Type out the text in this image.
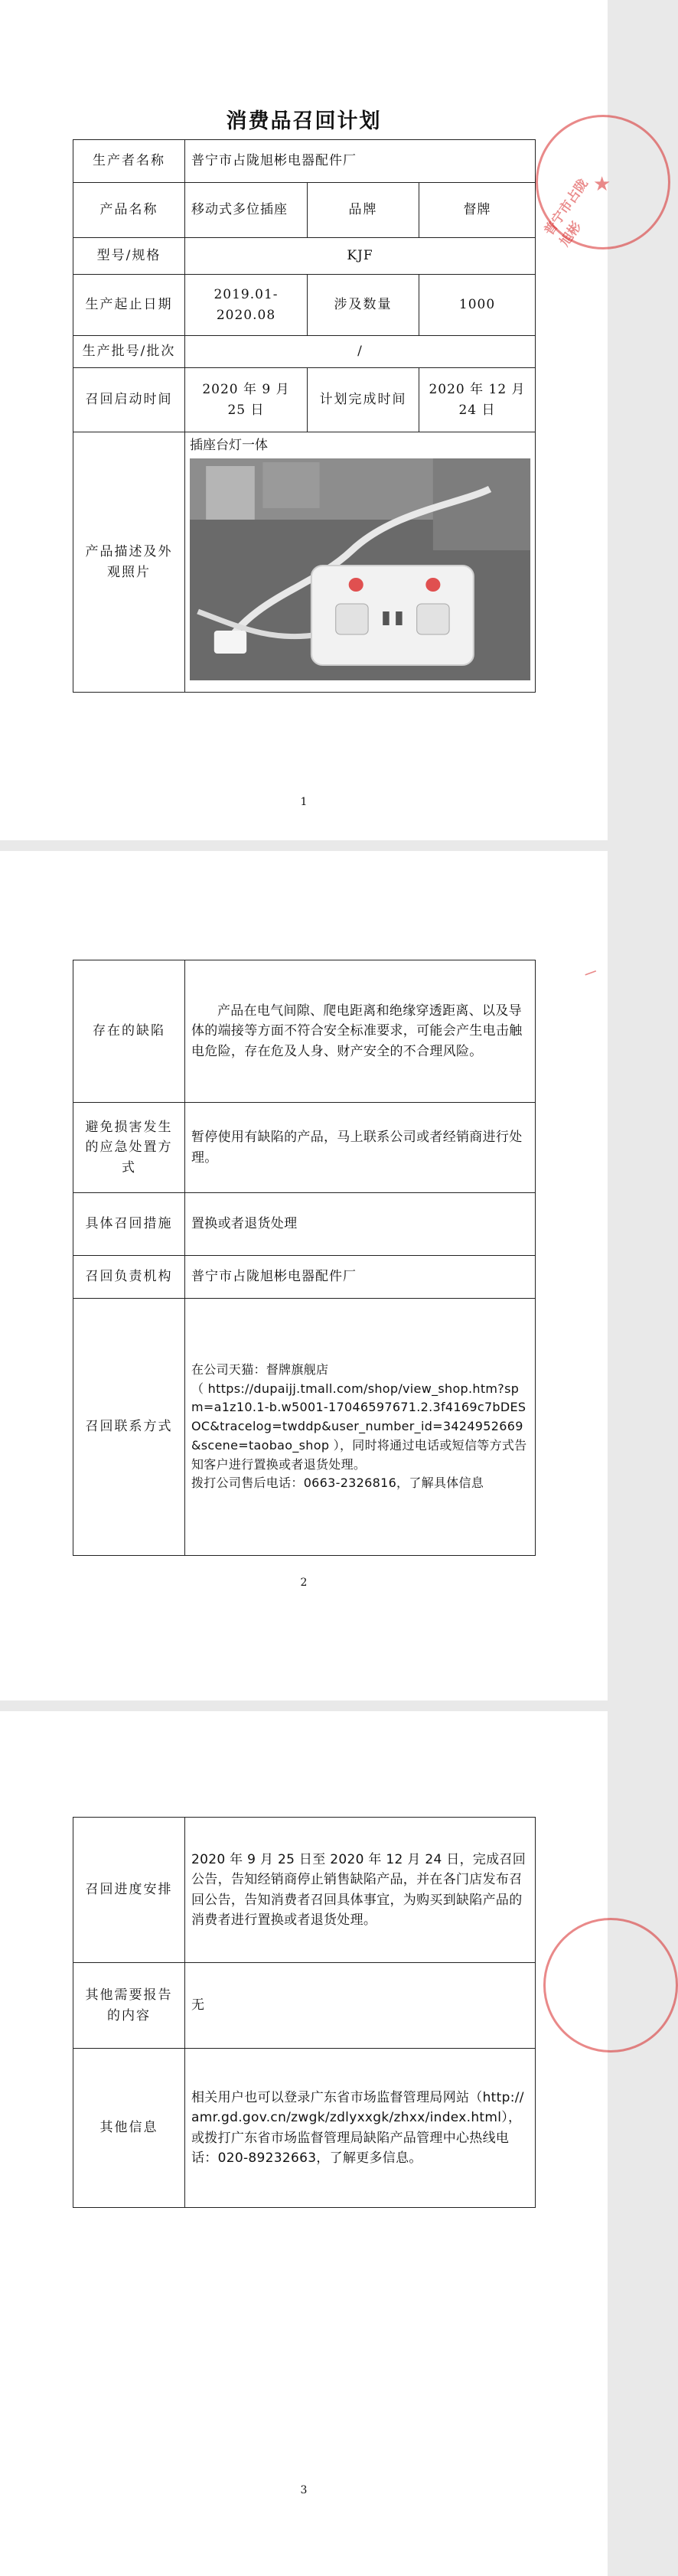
消费品召回计划
生产者名称	普宁市占陇旭彬电器配件厂		
产品名称	移动式多位插座	品牌	督牌
型号/规格	KJF		
生产起止日期	2019.01-2020.08	涉及数量	1000
生产批号/批次	/		
召回启动时间	2020 年 9 月 25 日	计划完成时间	2020 年 12 月 24 日
产品描述及外观照片	插座台灯一体		
普宁市占陇旭彬
★
1
存在的缺陷	产品在电气间隙、爬电距离和绝缘穿透距离、以及导体的端接等方面不符合安全标准要求，可能会产生电击触电危险，存在危及人身、财产安全的不合理风险。
避免损害发生的应急处置方式	暂停使用有缺陷的产品，马上联系公司或者经销商进行处理。
具体召回措施	置换或者退货处理
召回负责机构	普宁市占陇旭彬电器配件厂
召回联系方式	在公司天猫：督牌旗舰店
（ https://dupaijj.tmall.com/shop/view_shop.htm?spm=a1z10.1-b.w5001-17046597671.2.3f4169c7bDESOC&tracelog=twddp&user_number_id=3424952669&scene=taobao_shop ），同时将通过电话或短信等方式告知客户进行置换或者退货处理。
拨打公司售后电话：0663-2326816，了解具体信息
|
2
召回进度安排	2020 年 9 月 25 日至 2020 年 12 月 24 日，完成召回公告，告知经销商停止销售缺陷产品，并在各门店发布召回公告，告知消费者召回具体事宜，为购买到缺陷产品的消费者进行置换或者退货处理。
其他需要报告的内容	无
其他信息	相关用户也可以登录广东省市场监督管理局网站（http://amr.gd.gov.cn/zwgk/zdlyxxgk/zhxx/index.html），或拨打广东省市场监督管理局缺陷产品管理中心热线电话：020-89232663，了解更多信息。
3
